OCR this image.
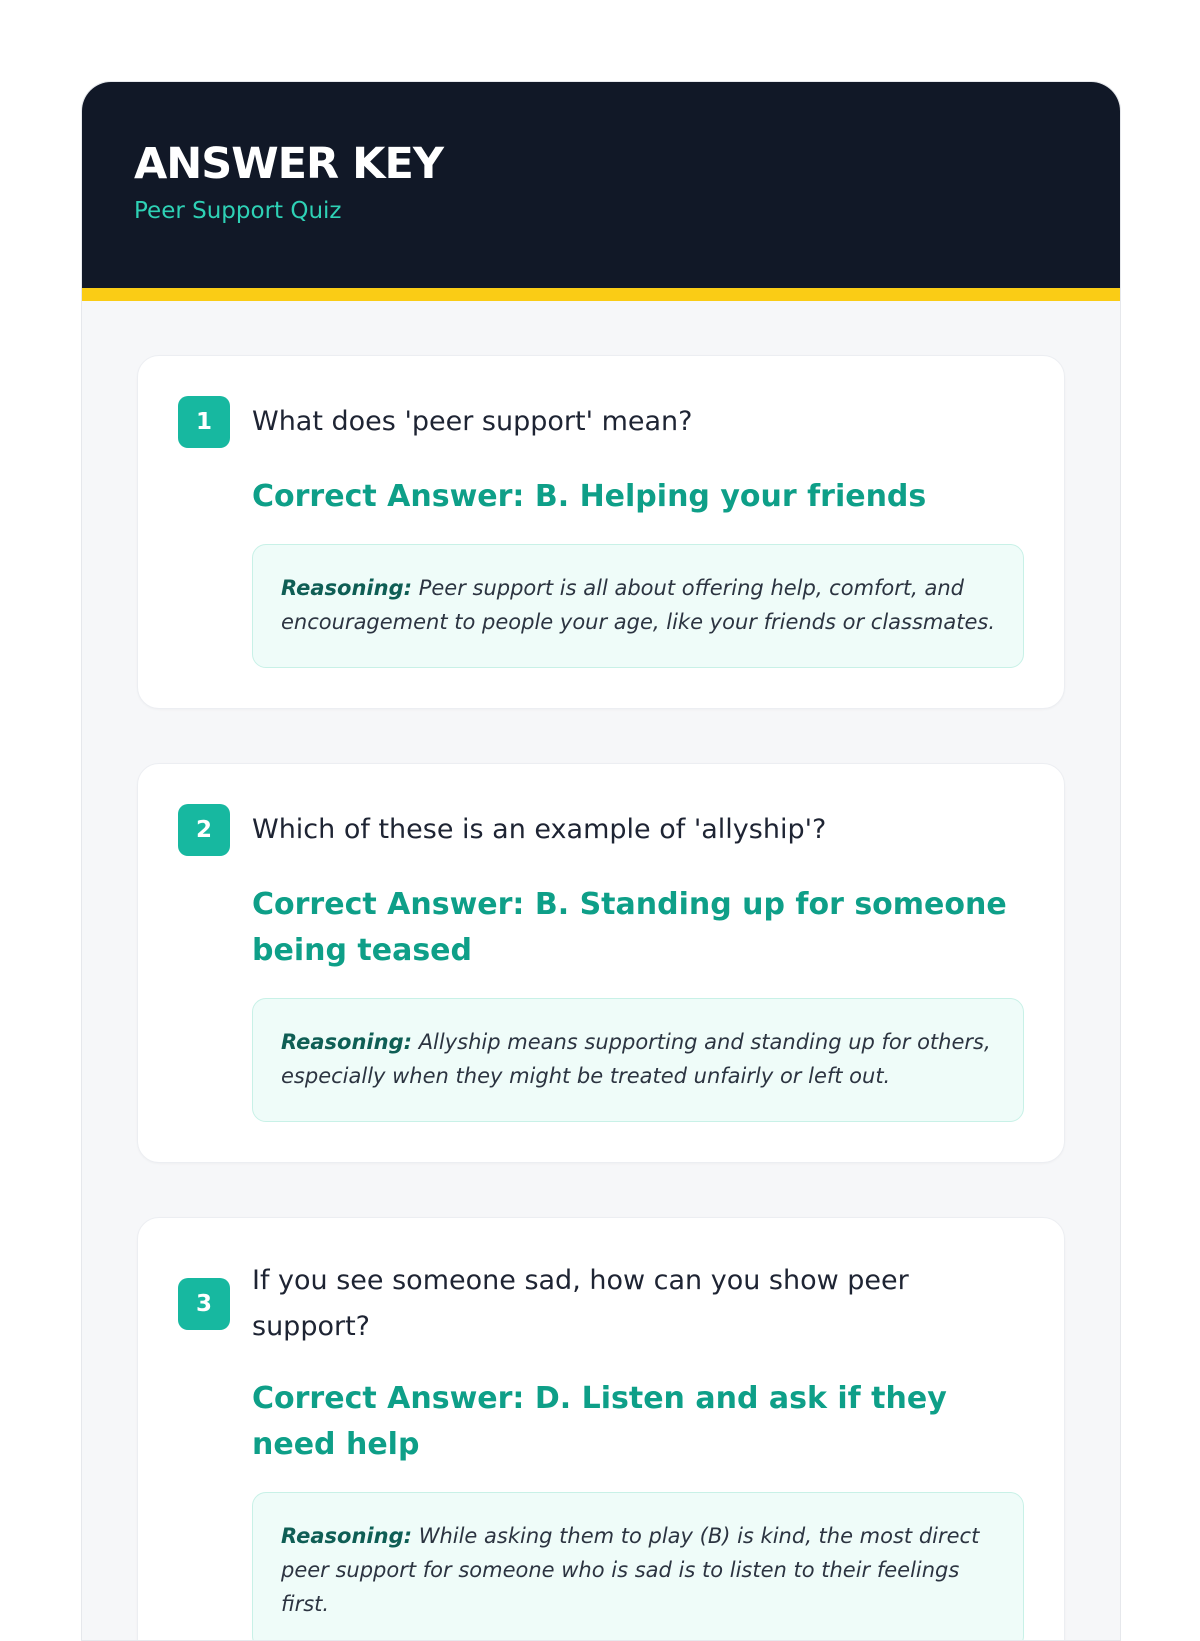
ANSWER KEY
Peer Support Quiz
1	What does 'peer support' mean?
Correct Answer: B. Helping your friends
Reasoning: Peer support is all about offering help, comfort, and encouragement to people your age, like your friends or classmates.
2	Which of these is an example of 'allyship'?
Correct Answer: B. Standing up for someone being teased
Reasoning: Allyship means supporting and standing up for others, especially when they might be treated unfairly or left out.
3
If you see someone sad, how can you show peer support?
Correct Answer: D. Listen and ask if they need help
Reasoning: While asking them to play (B) is kind, the most direct peer support for someone who is sad is to listen to their feelings first.
